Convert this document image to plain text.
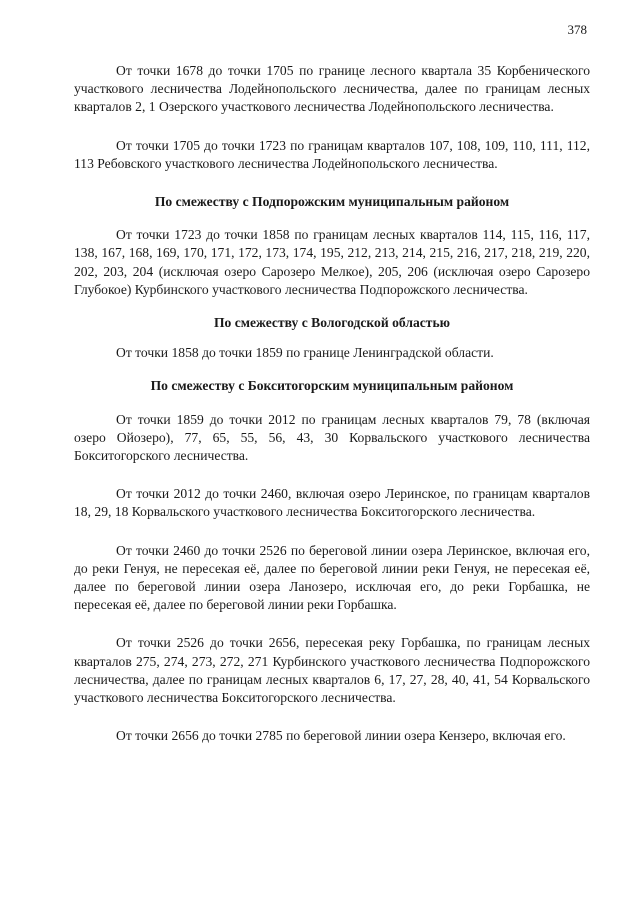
378

От точки 1678 до точки 1705 по границе лесного квартала 35 Корбенического участкового лесничества Лодейнопольского лесничества, далее по границам лесных кварталов 2, 1 Озерского участкового лесничества Лодейнопольского лесничества.

От точки 1705 до точки 1723 по границам кварталов 107, 108, 109, 110, 111, 112, 113 Ребовского участкового лесничества Лодейнопольского лесничества.

По смежеству с Подпорожским муниципальным районом

От точки 1723 до точки 1858 по границам лесных кварталов 114, 115, 116, 117, 138, 167, 168, 169, 170, 171, 172, 173, 174, 195, 212, 213, 214, 215, 216, 217, 218, 219, 220, 202, 203, 204 (исключая озеро Сарозеро Мелкое), 205, 206 (исключая озеро Сарозеро Глубокое) Курбинского участкового лесничества Подпорожского лесничества.

По смежеству с Вологодской областью

От точки 1858 до точки 1859 по границе Ленинградской области.

По смежеству с Бокситогорским муниципальным районом

От точки 1859 до точки 2012 по границам лесных кварталов 79, 78 (включая озеро Ойозеро), 77, 65, 55, 56, 43, 30 Корвальского участкового лесничества Бокситогорского лесничества.

От точки 2012 до точки 2460, включая озеро Леринское, по границам кварталов 18, 29, 18 Корвальского участкового лесничества Бокситогорского лесничества.

От точки 2460 до точки 2526 по береговой линии озера Леринское, включая его, до реки Генуя, не пересекая её, далее по береговой линии реки Генуя, не пересекая её, далее по береговой линии озера Ланозеро, исключая его, до реки Горбашка, не пересекая её, далее по береговой линии реки Горбашка.

От точки 2526 до точки 2656, пересекая реку Горбашка, по границам лесных кварталов 275, 274, 273, 272, 271 Курбинского участкового лесничества Подпорожского лесничества, далее по границам лесных кварталов 6, 17, 27, 28, 40, 41, 54 Корвальского участкового лесничества Бокситогорского лесничества.

От точки 2656 до точки 2785 по береговой линии озера Кензеро, включая его.
